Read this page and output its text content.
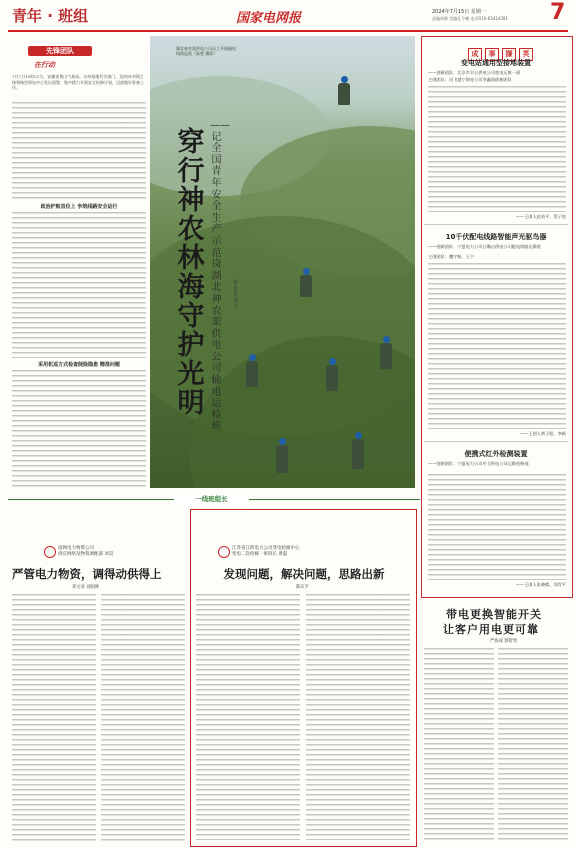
青年 · 班组	国家电网报	2024年7月15日 星期一
责编周静 美编孔令楠 电话010-63414391 7
先锋团队
在行动
7月7日10时21分，安徽省黄山气象局、台州基地有关部门，及时向中阿巴扬和杨里保电中心发出预警，集中精力开展安全检修计划，迅速做好准备工作。
政治护航首位上 争筑线路安全运行
采用机巡方式检查陡险隐患 精准问题
湖北神农架供电公司员工开展输电线路巡视（陈楚 摄影）
穿行神农林海守护光明
——记全国青年安全生产示范岗湖北神农架供电公司输电运检班
朱金星 刘文
成 事 撷 英
变电站通用型接地装置
——创新团队：北京市丰台供电公司变电运维一班
主创团队：田飞越宁海亮公司李鑫国创新团队
——王创人赵英平、蔡子宸
10千伏配电线路智能声光驱鸟器
——创新团队：宁夏电力公司石嘴山供电公司配电线路运维班
主创团队：魏宇航、王宁
——王创人黄子阳、李新
便携式红外检测装置
——创新团队：宁夏电力公司中卫供电公司运维检修部
——王创人张晓晴、刘青平
一线班组长
国网电力物资公司
供应网络及物资调配部 刘昊
严管电力物资，调得动供得上
邓文涛 刘国林
江苏省江阴电力公司变电检修中心
变电二次检修一班班长 黄磊
发现问题，解决问题，思路出新
陈庆平
带电更换智能开关
让客户用电更可靠
严海成 郭智勇
